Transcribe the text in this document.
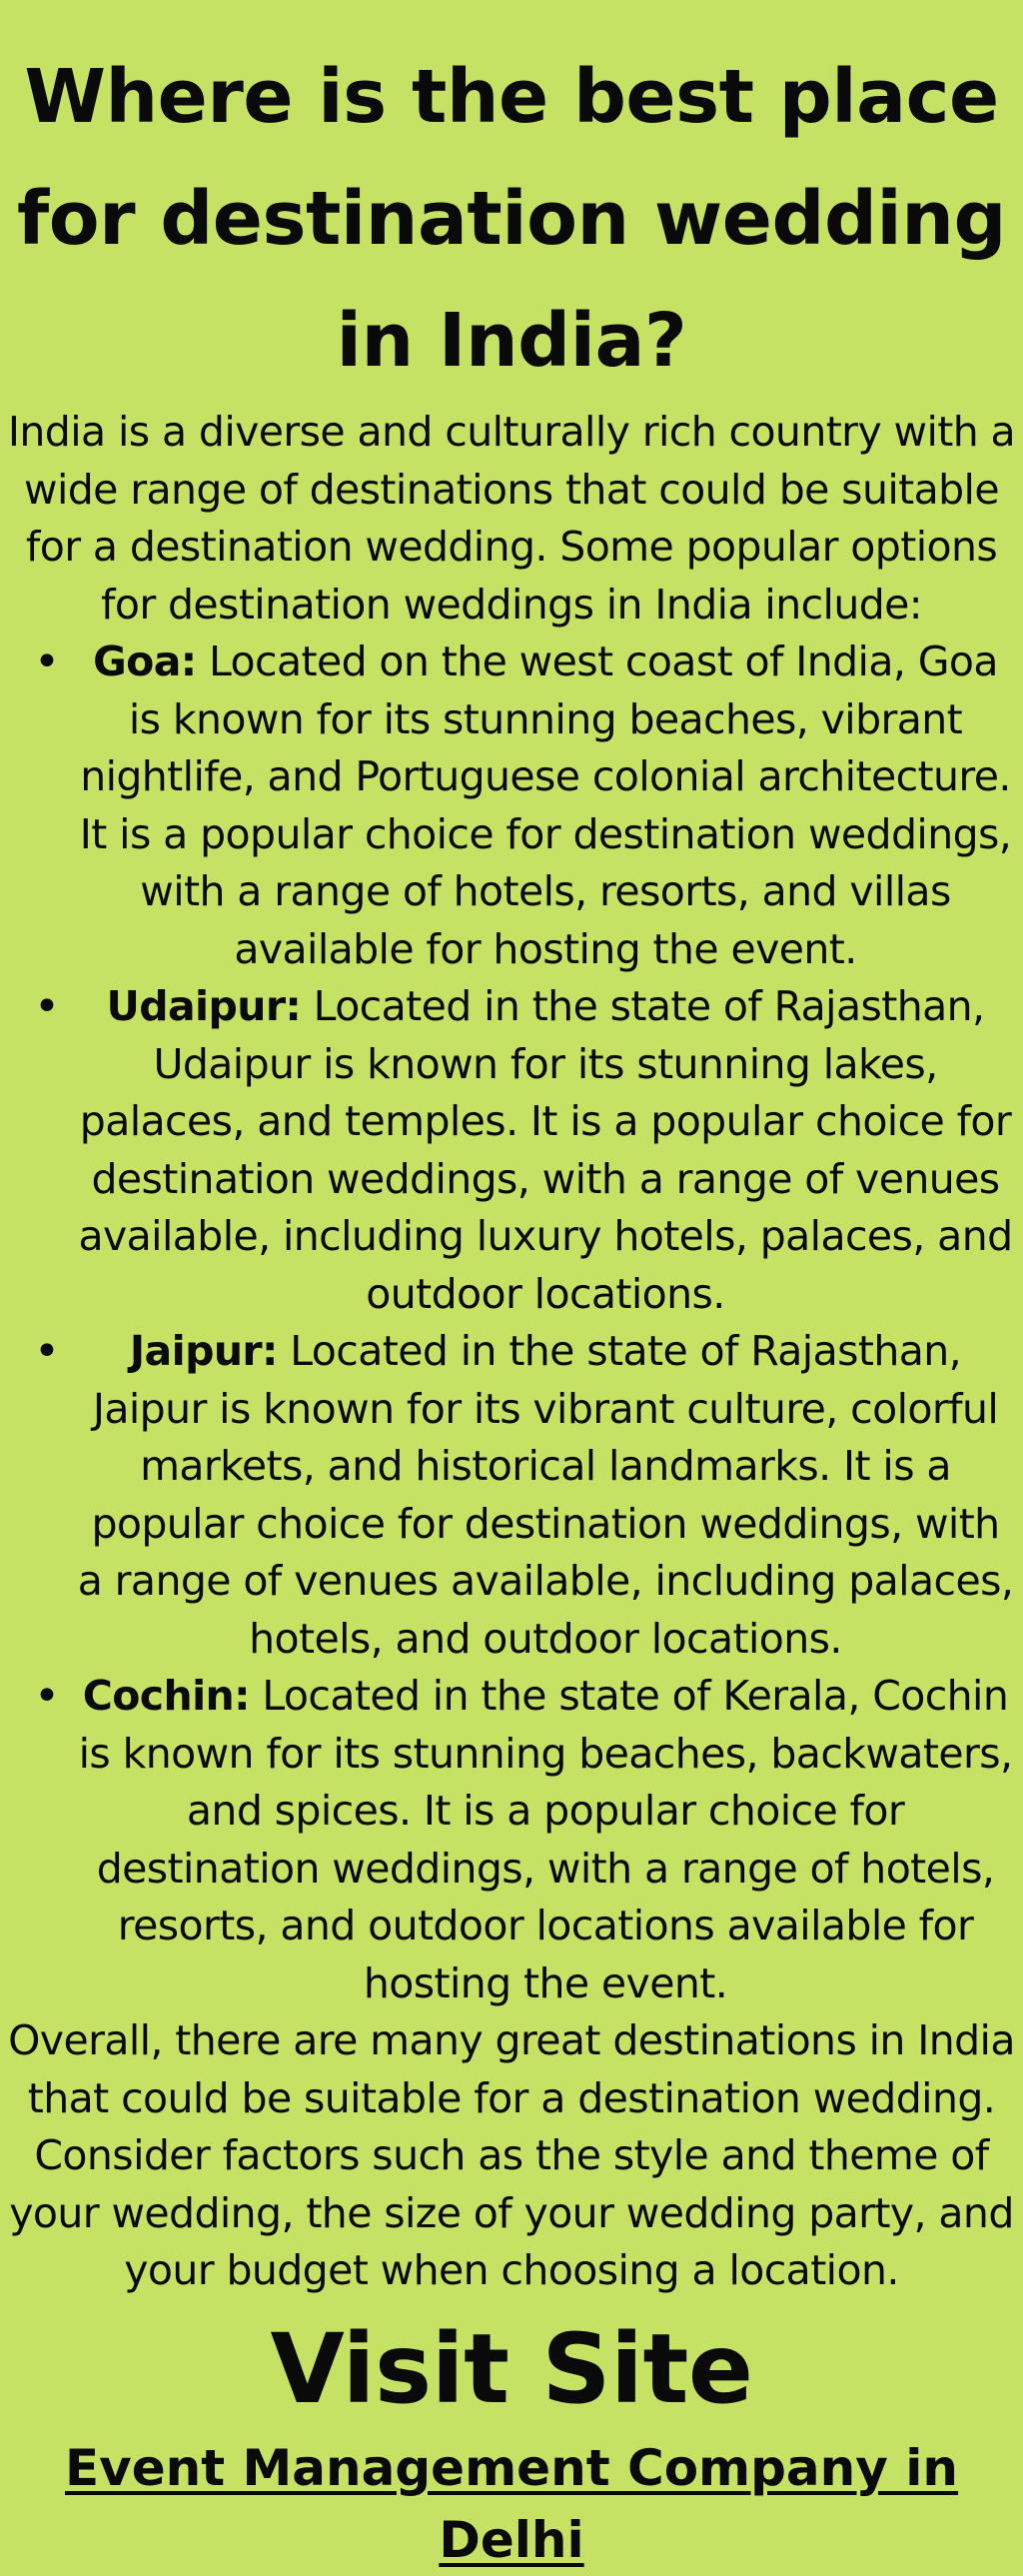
Where is the best place for destination wedding in India?

India is a diverse and culturally rich country with a wide range of destinations that could be suitable for a destination wedding. Some popular options for destination weddings in India include:

• Goa: Located on the west coast of India, Goa is known for its stunning beaches, vibrant nightlife, and Portuguese colonial architecture. It is a popular choice for destination weddings, with a range of hotels, resorts, and villas available for hosting the event.
• Udaipur: Located in the state of Rajasthan, Udaipur is known for its stunning lakes, palaces, and temples. It is a popular choice for destination weddings, with a range of venues available, including luxury hotels, palaces, and outdoor locations.
• Jaipur: Located in the state of Rajasthan, Jaipur is known for its vibrant culture, colorful markets, and historical landmarks. It is a popular choice for destination weddings, with a range of venues available, including palaces, hotels, and outdoor locations.
• Cochin: Located in the state of Kerala, Cochin is known for its stunning beaches, backwaters, and spices. It is a popular choice for destination weddings, with a range of hotels, resorts, and outdoor locations available for hosting the event.

Overall, there are many great destinations in India that could be suitable for a destination wedding. Consider factors such as the style and theme of your wedding, the size of your wedding party, and your budget when choosing a location.

Visit Site
Event Management Company in Delhi
